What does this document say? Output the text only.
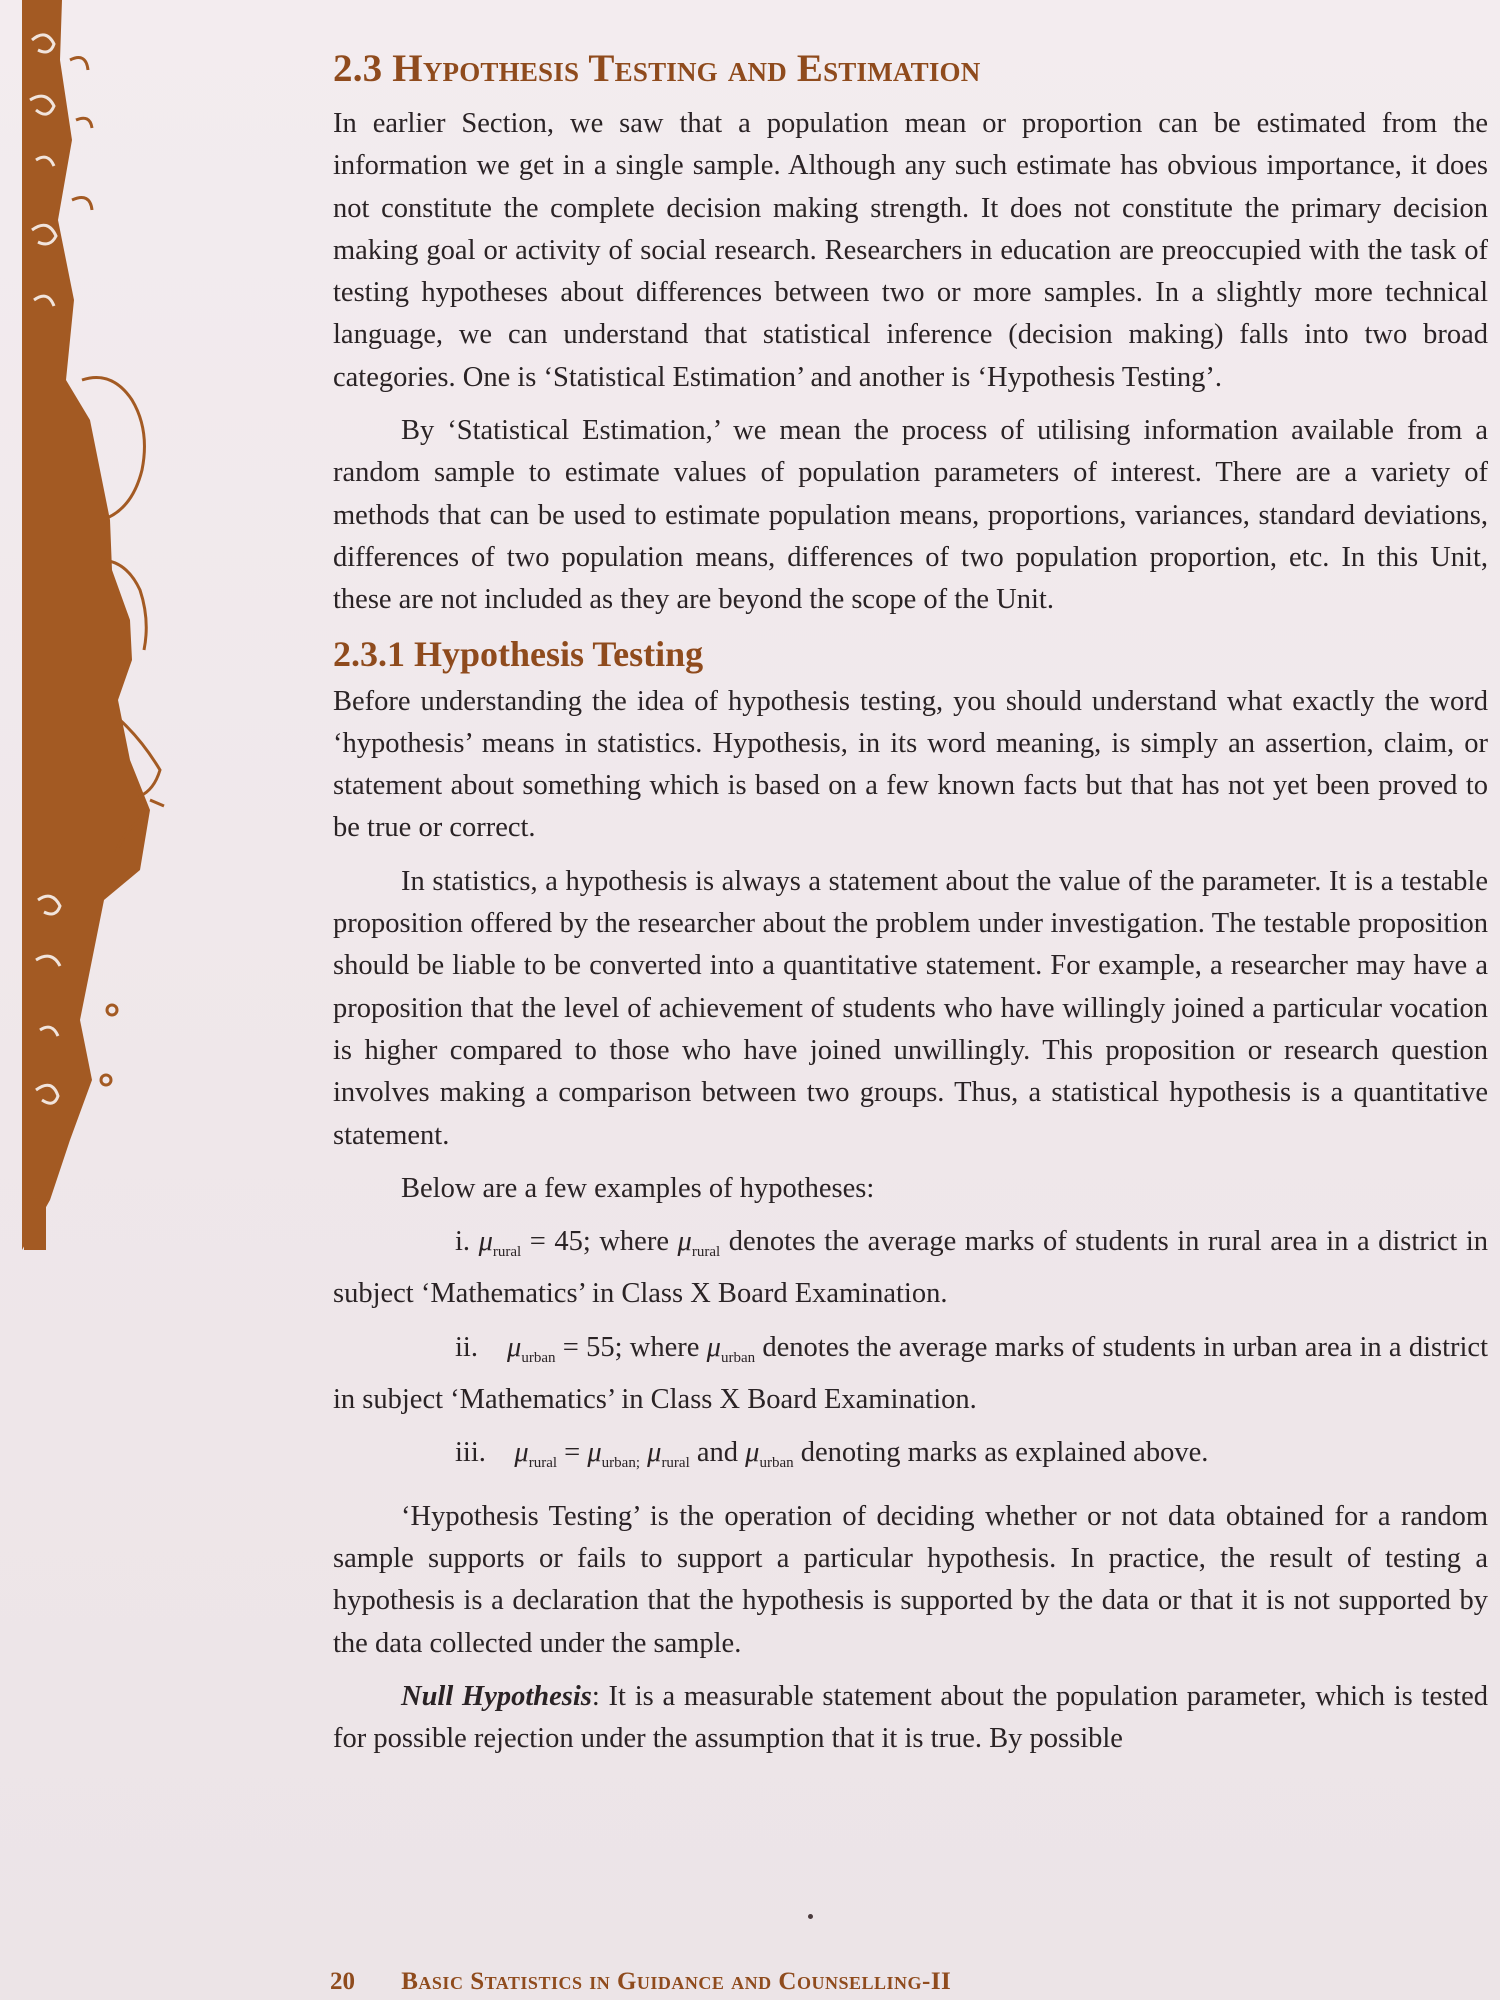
2.3 Hypothesis Testing and Estimation

In earlier Section, we saw that a population mean or proportion can be estimated from the information we get in a single sample. Although any such estimate has obvious importance, it does not constitute the complete decision making strength. It does not constitute the primary decision making goal or activity of social research. Researchers in education are preoccupied with the task of testing hypotheses about differences between two or more samples. In a slightly more technical language, we can understand that statistical inference (decision making) falls into two broad categories. One is ‘Statistical Estimation’ and another is ‘Hypothesis Testing’.

By ‘Statistical Estimation,’ we mean the process of utilising information available from a random sample to estimate values of population parameters of interest. There are a variety of methods that can be used to estimate population means, proportions, variances, standard deviations, differences of two population means, differences of two population proportion, etc. In this Unit, these are not included as they are beyond the scope of the Unit.

2.3.1 Hypothesis Testing

Before understanding the idea of hypothesis testing, you should understand what exactly the word ‘hypothesis’ means in statistics. Hypothesis, in its word meaning, is simply an assertion, claim, or statement about something which is based on a few known facts but that has not yet been proved to be true or correct.

In statistics, a hypothesis is always a statement about the value of the parameter. It is a testable proposition offered by the researcher about the problem under investigation. The testable proposition should be liable to be converted into a quantitative statement. For example, a researcher may have a proposition that the level of achievement of students who have willingly joined a particular vocation is higher compared to those who have joined unwillingly. This proposition or research question involves making a comparison between two groups. Thus, a statistical hypothesis is a quantitative statement.

Below are a few examples of hypotheses:

i. $\mu_{rural} = 45$; where $\mu_{rural}$ denotes the average marks of students in rural area in a district in subject ‘Mathematics’ in Class X Board Examination.

ii. $\mu_{urban} = 55$; where $\mu_{urban}$ denotes the average marks of students in urban area in a district in subject ‘Mathematics’ in Class X Board Examination.

iii. $\mu_{rural} = \mu_{urban;}$ $\mu_{rural}$ and $\mu_{urban}$ denoting marks as explained above.

‘Hypothesis Testing’ is the operation of deciding whether or not data obtained for a random sample supports or fails to support a particular hypothesis. In practice, the result of testing a hypothesis is a declaration that the hypothesis is supported by the data or that it is not supported by the data collected under the sample.

Null Hypothesis: It is a measurable statement about the population parameter, which is tested for possible rejection under the assumption that it is true. By possible

20 Basic Statistics in Guidance and Counselling-II
